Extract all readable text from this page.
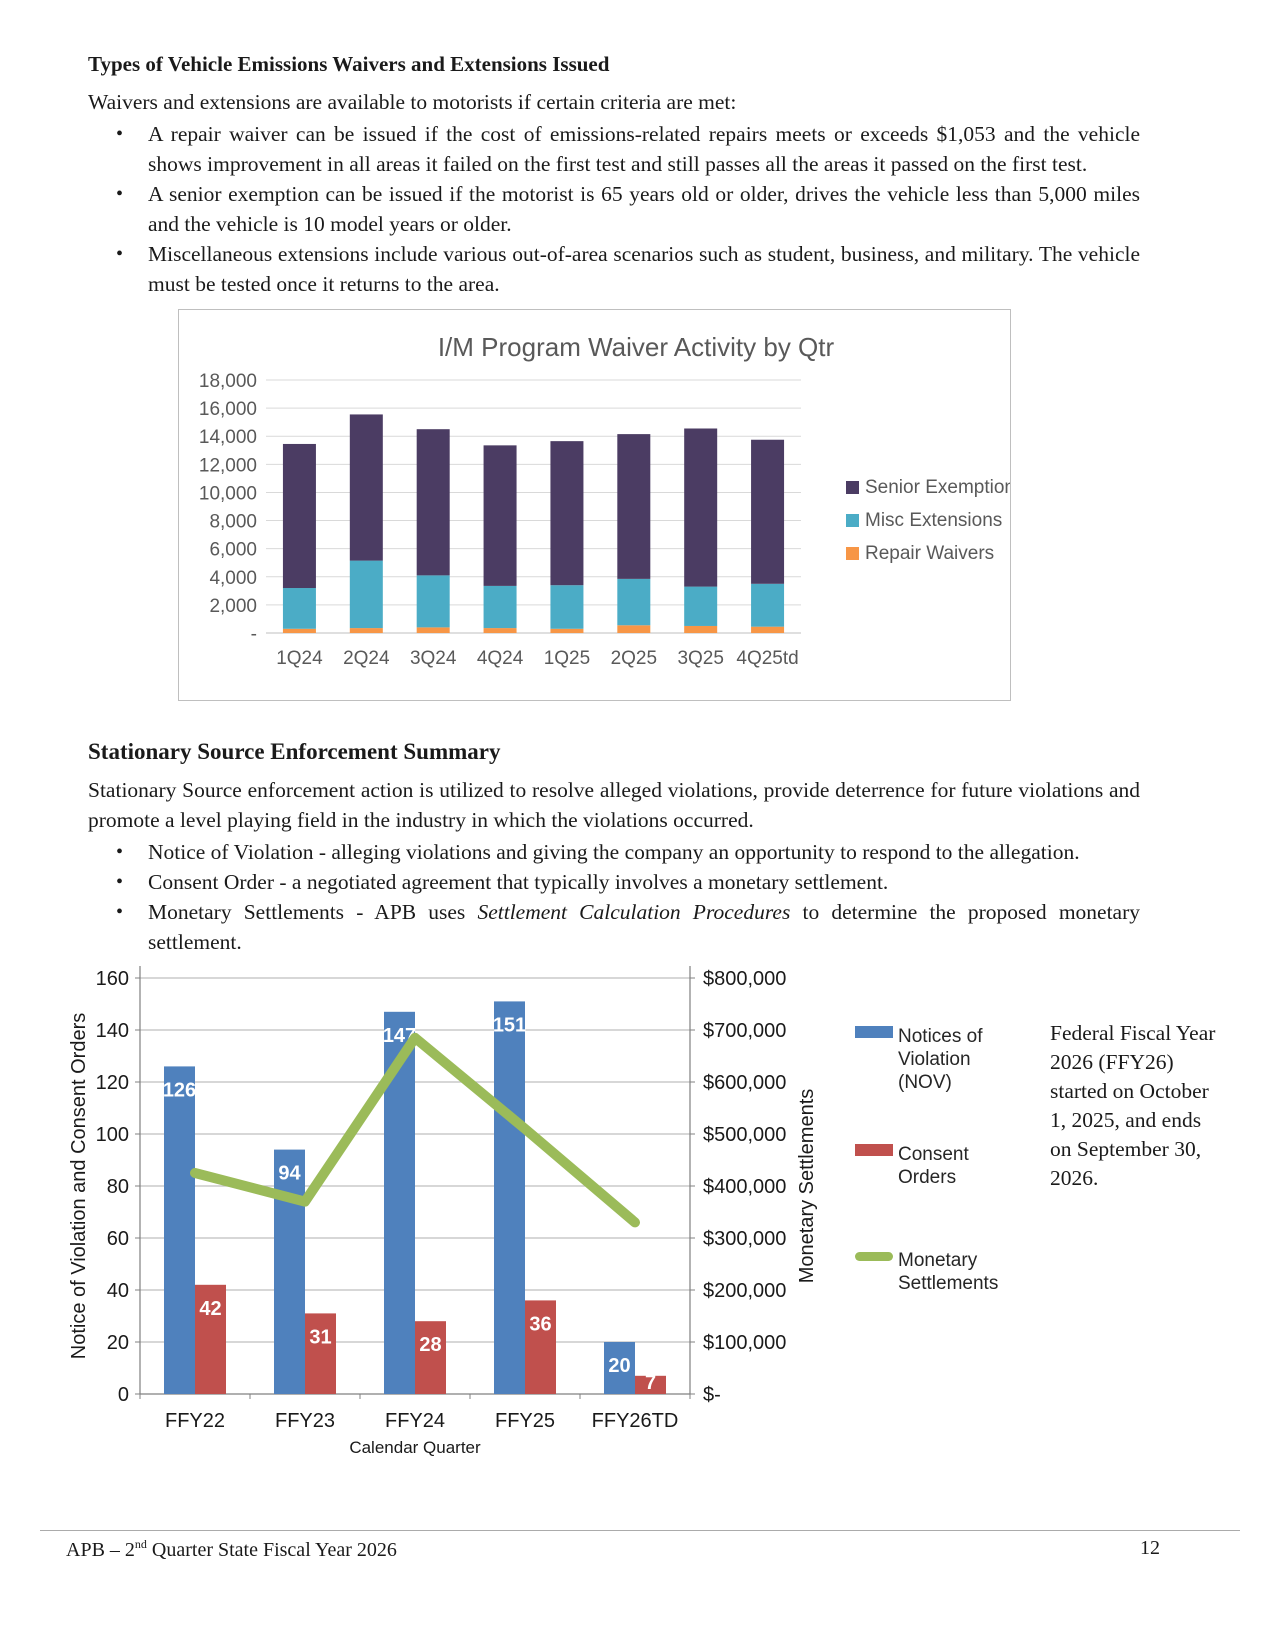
Types of Vehicle Emissions Waivers and Extensions Issued

Waivers and extensions are available to motorists if certain criteria are met:

• A repair waiver can be issued if the cost of emissions-related repairs meets or exceeds $1,053 and the vehicle shows improvement in all areas it failed on the first test and still passes all the areas it passed on the first test.
• A senior exemption can be issued if the motorist is 65 years old or older, drives the vehicle less than 5,000 miles and the vehicle is 10 model years or older.
• Miscellaneous extensions include various out-of-area scenarios such as student, business, and military. The vehicle must be tested once it returns to the area.
-
2,000
4,000
6,000
8,000
10,000
12,000
14,000
16,000
18,000
1Q24 2Q24 3Q24 4Q24 1Q25 2Q25 3Q25 4Q25td
I/M Program Waiver Activity by Qtr
Senior Exemptions
Misc Extensions
Repair Waivers
Stationary Source Enforcement Summary

Stationary Source enforcement action is utilized to resolve alleged violations, provide deterrence for future violations and promote a level playing field in the industry in which the violations occurred.

• Notice of Violation - alleging violations and giving the company an opportunity to respond to the allegation.
• Consent Order - a negotiated agreement that typically involves a monetary settlement.
• Monetary Settlements - APB uses Settlement Calculation Procedures to determine the proposed monetary settlement.
0
20
40
60
80
100
120
140
160
$-
$100,000
$200,000
$300,000
$400,000
$500,000
$600,000
$700,000
$800,000
126
42
FFY22
94
31
FFY23
147
28
FFY24
151
36
FFY25
20
7
FFY26TD
Calendar Quarter
Notice of Violation and Consent Orders	Monetary Settlements
Notices of Violation (NOV)
Consent Orders
Monetary Settlements
Federal Fiscal Year 2026 (FFY26) started on October 1, 2025, and ends on September 30, 2026.
APB – 2nd Quarter State Fiscal Year 2026	12
